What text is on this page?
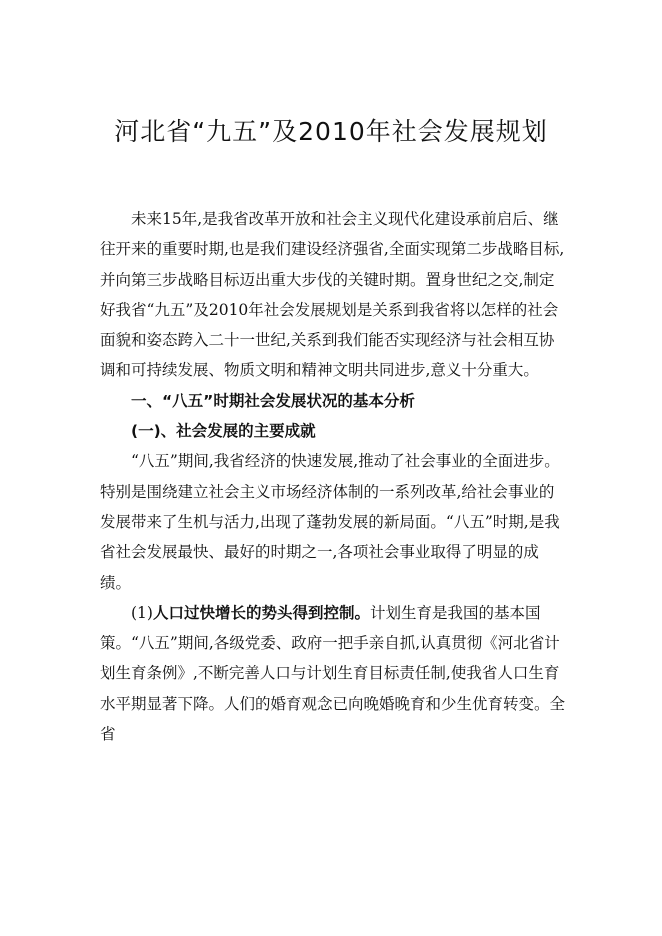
河北省“九五”及2010年社会发展规划

未来15年,是我省改革开放和社会主义现代化建设承前启后、继往开来的重要时期,也是我们建设经济强省,全面实现第二步战略目标,并向第三步战略目标迈出重大步伐的关键时期。置身世纪之交,制定好我省“九五”及2010年社会发展规划是关系到我省将以怎样的社会面貌和姿态跨入二十一世纪,关系到我们能否实现经济与社会相互协调和可持续发展、物质文明和精神文明共同进步,意义十分重大。

一、“八五”时期社会发展状况的基本分析

(一)、社会发展的主要成就

“八五”期间,我省经济的快速发展,推动了社会事业的全面进步。特别是围绕建立社会主义市场经济体制的一系列改革,给社会事业的发展带来了生机与活力,出现了蓬勃发展的新局面。“八五”时期,是我省社会发展最快、最好的时期之一,各项社会事业取得了明显的成绩。

(1)人口过快增长的势头得到控制。计划生育是我国的基本国策。“八五”期间,各级党委、政府一把手亲自抓,认真贯彻《河北省计划生育条例》,不断完善人口与计划生育目标责任制,使我省人口生育水平期显著下降。人们的婚育观念已向晚婚晚育和少生优育转变。全省
